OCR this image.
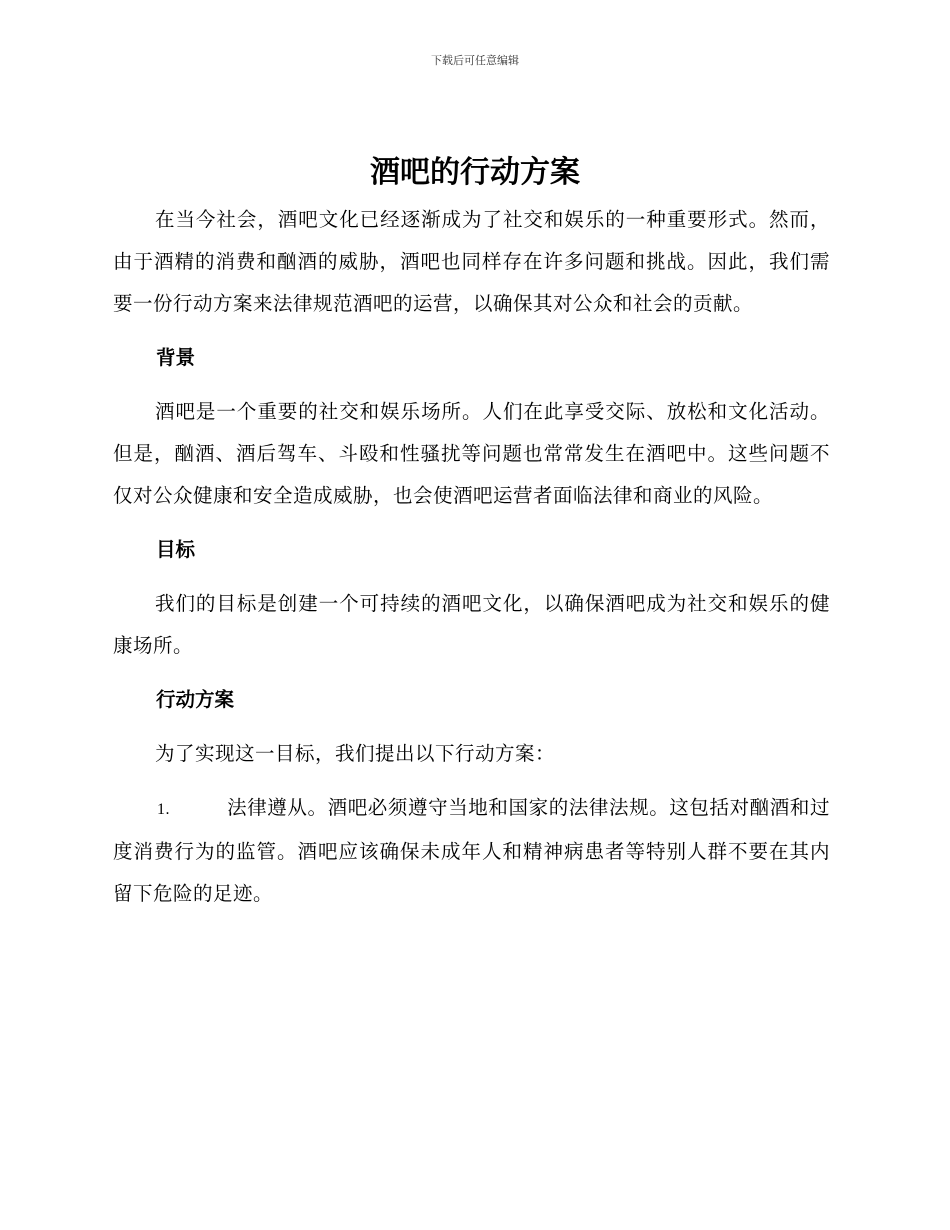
下载后可任意编辑
酒吧的行动方案

在当今社会，酒吧文化已经逐渐成为了社交和娱乐的一种重要形式。然而，由于酒精的消费和酗酒的威胁，酒吧也同样存在许多问题和挑战。因此，我们需要一份行动方案来法律规范酒吧的运营，以确保其对公众和社会的贡献。

背景

酒吧是一个重要的社交和娱乐场所。人们在此享受交际、放松和文化活动。但是，酗酒、酒后驾车、斗殴和性骚扰等问题也常常发生在酒吧中。这些问题不仅对公众健康和安全造成威胁，也会使酒吧运营者面临法律和商业的风险。

目标

我们的目标是创建一个可持续的酒吧文化，以确保酒吧成为社交和娱乐的健康场所。

行动方案

为了实现这一目标，我们提出以下行动方案：

1.	法律遵从。酒吧必须遵守当地和国家的法律法规。这包括对酗酒和过度消费行为的监管。酒吧应该确保未成年人和精神病患者等特别人群不要在其内留下危险的足迹。
